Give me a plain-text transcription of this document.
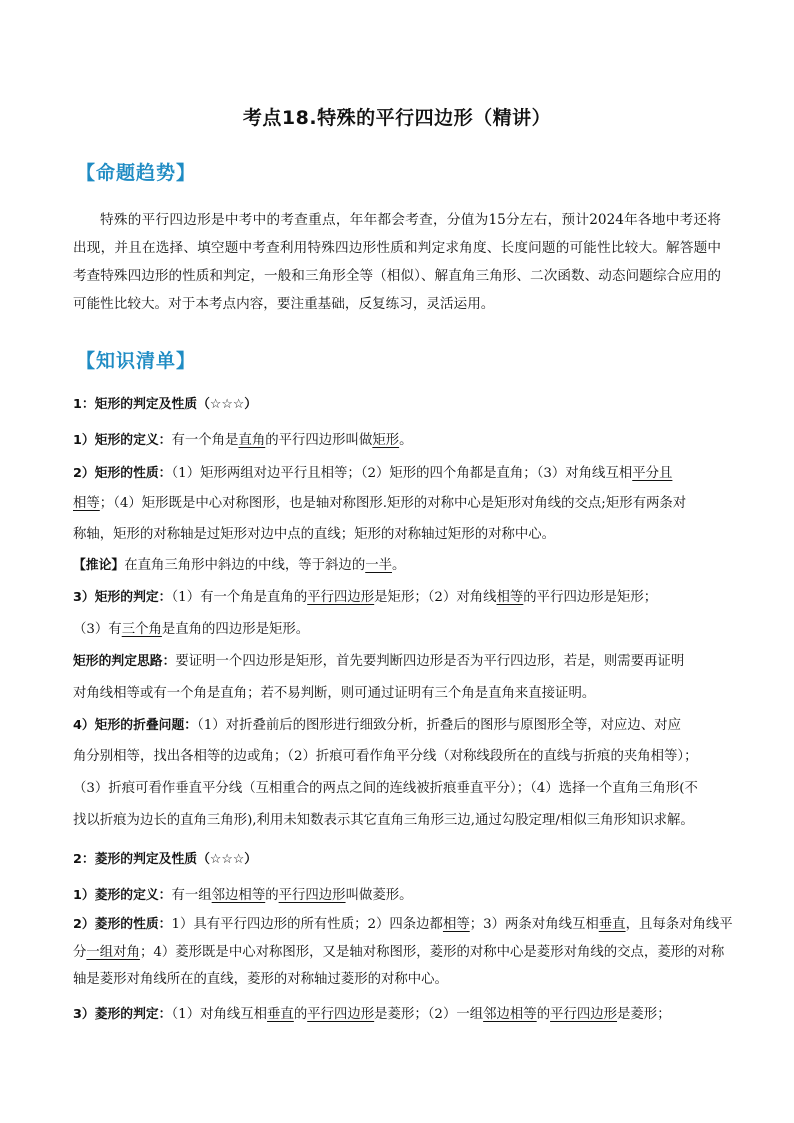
考点18.特殊的平行四边形（精讲）
【命题趋势】
特殊的平行四边形是中考中的考查重点，年年都会考查，分值为15分左右，预计2024年各地中考还将出现，并且在选择、填空题中考查利用特殊四边形性质和判定求角度、长度问题的可能性比较大。解答题中考查特殊四边形的性质和判定，一般和三角形全等（相似）、解直角三角形、二次函数、动态问题综合应用的可能性比较大。对于本考点内容，要注重基础，反复练习，灵活运用。
【知识清单】
1：矩形的判定及性质（☆☆☆）
1）矩形的定义：有一个角是直角的平行四边形叫做矩形。
2）矩形的性质：（1）矩形两组对边平行且相等；（2）矩形的四个角都是直角；（3）对角线互相平分且
相等；（4）矩形既是中心对称图形，也是轴对称图形.矩形的对称中心是矩形对角线的交点;矩形有两条对
称轴，矩形的对称轴是过矩形对边中点的直线；矩形的对称轴过矩形的对称中心。
【推论】在直角三角形中斜边的中线，等于斜边的一半。
3）矩形的判定：（1）有一个角是直角的平行四边形是矩形；（2）对角线相等的平行四边形是矩形；
（3）有三个角是直角的四边形是矩形。
矩形的判定思路：要证明一个四边形是矩形，首先要判断四边形是否为平行四边形，若是，则需要再证明
对角线相等或有一个角是直角；若不易判断，则可通过证明有三个角是直角来直接证明。
4）矩形的折叠问题：（1）对折叠前后的图形进行细致分析，折叠后的图形与原图形全等，对应边、对应
角分别相等，找出各相等的边或角；（2）折痕可看作角平分线（对称线段所在的直线与折痕的夹角相等）；
（3）折痕可看作垂直平分线（互相重合的两点之间的连线被折痕垂直平分）；（4）选择一个直角三角形(不
找以折痕为边长的直角三角形),利用未知数表示其它直角三角形三边,通过勾股定理/相似三角形知识求解。
2：菱形的判定及性质（☆☆☆）
1）菱形的定义：有一组邻边相等的平行四边形叫做菱形。
2）菱形的性质：1）具有平行四边形的所有性质；2）四条边都相等；3）两条对角线互相垂直，且每条对角线平
分一组对角；4）菱形既是中心对称图形，又是轴对称图形，菱形的对称中心是菱形对角线的交点，菱形的对称
轴是菱形对角线所在的直线，菱形的对称轴过菱形的对称中心。
3）菱形的判定：（1）对角线互相垂直的平行四边形是菱形；（2）一组邻边相等的平行四边形是菱形；
